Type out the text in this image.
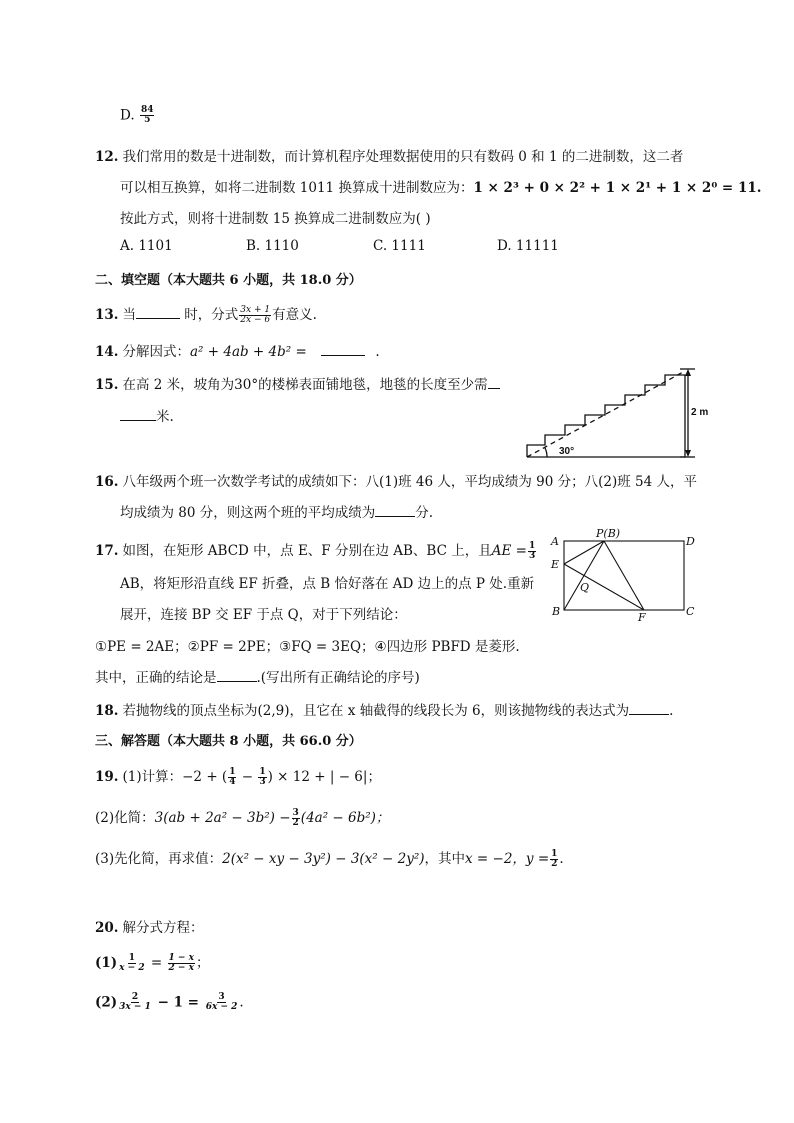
D. $\frac{84}{5}$
12. 我们常用的数是十进制数，而计算机程序处理数据使用的只有数码 0 和 1 的二进制数，这二者
可以相互换算，如将二进制数 1011 换算成十进制数应为：1 × 2³ + 0 × 2² + 1 × 2¹ + 1 × 2⁰ = 11.
按此方式，则将十进制数 15 换算成二进制数应为( )
A. 1101	B. 1110	C. 1111	D. 11111
二、填空题（本大题共 6 小题，共 18.0 分）
13. 当	时，分式 $\frac{3x + 1}{2x - 6}$ 有意义.
14. 分解因式：a² + 4ab + 4b² =	.
15. 在高 2 米，坡角为30°的楼梯表面铺地毯，地毯的长度至少需
米.	2 m
30°
16. 八年级两个班一次数学考试的成绩如下：八(1)班 46 人，平均成绩为 90 分；八(2)班 54 人，平
均成绩为 80 分，则这两个班的平均成绩为	分.
17. 如图，在矩形 ABCD 中，点 E、F 分别在边 AB、BC 上，且AE = $\frac{1}{3}$
AB，将矩形沿直线 EF 折叠，点 B 恰好落在 AD 边上的点 P 处.重新
展开，连接 BP 交 EF 于点 Q，对于下列结论：
①PE = 2AE；②PF = 2PE；③FQ = 3EQ；④四边形 PBFD 是菱形.
其中，正确的结论是	.(写出所有正确结论的序号)
A
P(B)
D
E
Q
B	F	C
18. 若抛物线的顶点坐标为(2,9)，且它在 x 轴截得的线段长为 6，则该抛物线的表达式为	.
三、解答题（本大题共 8 小题，共 66.0 分）
19. (1)计算：−2 + ( $\frac{1}{4} - \frac{1}{3}$ ) × 12 + | − 6|；
(2)化简：$3(ab + 2a^2 - 3b^2) - \frac{3}{2} (4a^2 - 6b^2)$；
(3)先化简，再求值：2(x² − xy − 3y²) − 3(x² − 2y²)，其中x = −2，$y = \frac{1}{2}$ .
20. 解分式方程：
$(1) \frac{1}{x - 2} = \frac{1 - x}{2 - x}$ ；
$(2) \frac{2}{3x - 1} - 1 = \frac{3}{6x - 2}$ .
